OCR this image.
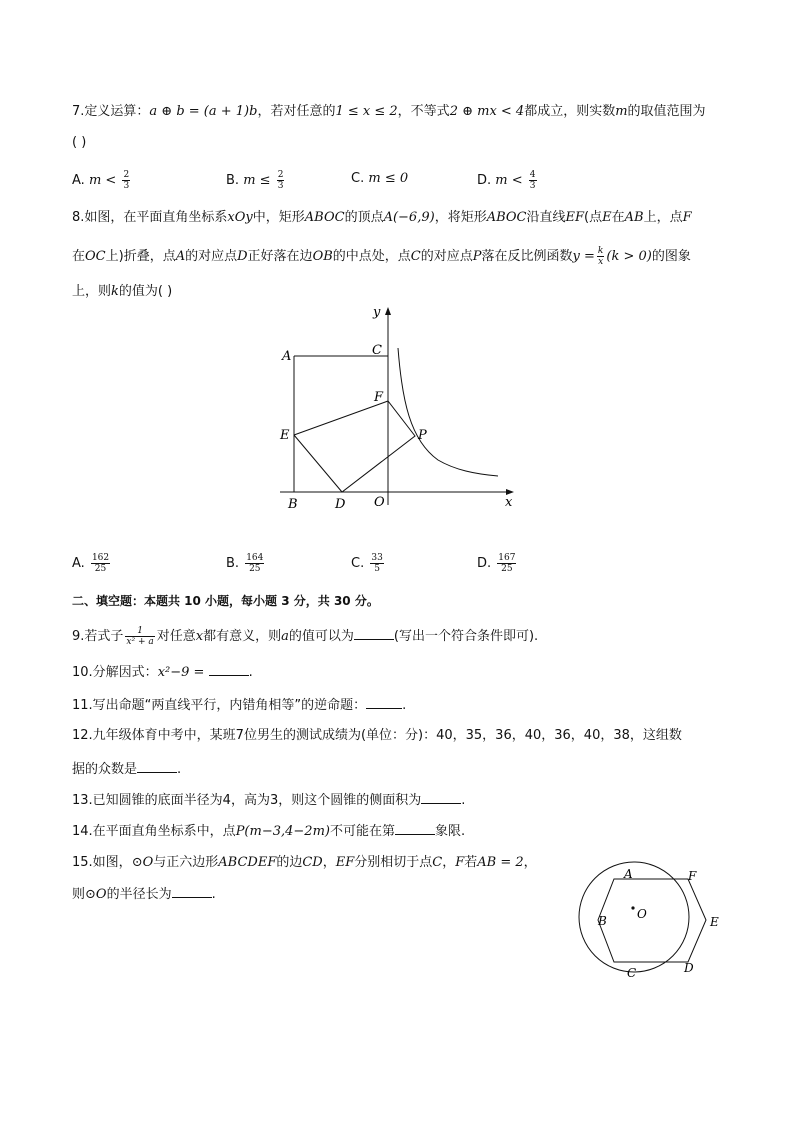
7.定义运算：a ⊕ b = (a + 1)b，若对任意的1 ≤ x ≤ 2，不等式2 ⊕ mx < 4都成立，则实数m的取值范围为
( )
A. $m < \frac{2}{3}$	B. $m \le \frac{2}{3}$	C. m ≤ 0	D. $m < \frac{4}{3}$
8.如图，在平面直角坐标系xOy中，矩形ABOC的顶点A(−6,9)，将矩形ABOC沿直线EF(点E在AB上，点F
在OC上)折叠，点A的对应点D正好落在边OB的中点处，点C的对应点P落在反比例函数$y = \frac{k}{x} (k > 0)$的图象
上，则k的值为( )
y
A	C
F
E	P
B	D O	x
A. $\frac{162}{25}$	B. $\frac{164}{25}$	C. $\frac{33}{5}$	D. $\frac{167}{25}$
二、填空题：本题共 10 小题，每小题 3 分，共 30 分。
9.若式子 $\frac{1}{\text{x² + a}}$ 对任意x都有意义，则a的值可以为	(写出一个符合条件即可).
10.分解因式：x²−9 =	.
11.写出命题“两直线平行，内错角相等”的逆命题：	.
12.九年级体育中考中，某班7位男生的测试成绩为(单位：分)：40，35，36，40，36，40，38，这组数
据的众数是	.
13.已知圆锥的底面半径为4，高为3，则这个圆锥的侧面积为	.
14.在平面直角坐标系中，点P(m−3,4−2m)不可能在第	象限.
15.如图，⊙O与正六边形ABCDEF的边CD，EF分别相切于点C，F若AB = 2，
则⊙O的半径长为	.
A	F
B	O
E
C	D
